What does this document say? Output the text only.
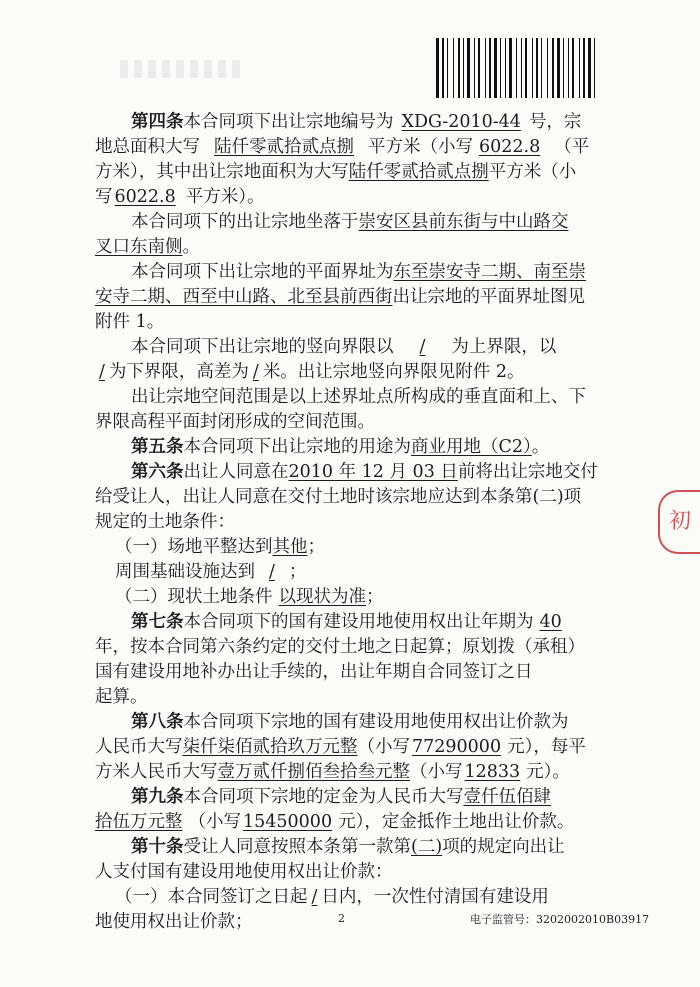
第四条本合同项下出让宗地编号为 XDG-2010-44 号，宗

地总面积大写 陆仟零贰拾贰点捌 平方米（小写 6022.8 （平

方米），其中出让宗地面积为大写陆仟零贰拾贰点捌平方米（小

写 6022.8 平方米）。

本合同项下的出让宗地坐落于崇安区县前东街与中山路交

叉口东南侧。

本合同项下出让宗地的平面界址为东至崇安寺二期、南至崇

安寺二期、西至中山路、北至县前西街出让宗地的平面界址图见

附件 1。

本合同项下出让宗地的竖向界限以 / 为上界限，以

/ 为下界限，高差为 / 米。出让宗地竖向界限见附件 2。

出让宗地空间范围是以上述界址点所构成的垂直面和上、下

界限高程平面封闭形成的空间范围。

第五条本合同项下出让宗地的用途为商业用地（C2）。

第六条出让人同意在2010 年 12 月 03 日前将出让宗地交付

给受让人，出让人同意在交付土地时该宗地应达到本条第(二)项

规定的土地条件：

（一）场地平整达到其他；

周围基础设施达到 / ；

（二）现状土地条件 以现状为准；

第七条本合同项下的国有建设用地使用权出让年期为 40

年，按本合同第六条约定的交付土地之日起算；原划拨（承租）

国有建设用地补办出让手续的，出让年期自合同签订之日

起算。

第八条本合同项下宗地的国有建设用地使用权出让价款为

人民币大写柒仟柒佰贰拾玖万元整（小写 77290000 元），每平

方米人民币大写壹万贰仟捌佰叁拾叁元整（小写 12833 元）。

第九条本合同项下宗地的定金为人民币大写壹仟伍佰肆

拾伍万元整 （小写 15450000 元），定金抵作土地出让价款。

第十条受让人同意按照本条第一款第(二)项的规定向出让

人支付国有建设用地使用权出让价款：

（一）本合同签订之日起 / 日内，一次性付清国有建设用

地使用权出让价款；

初
2	电子监管号：3202002010B03917
